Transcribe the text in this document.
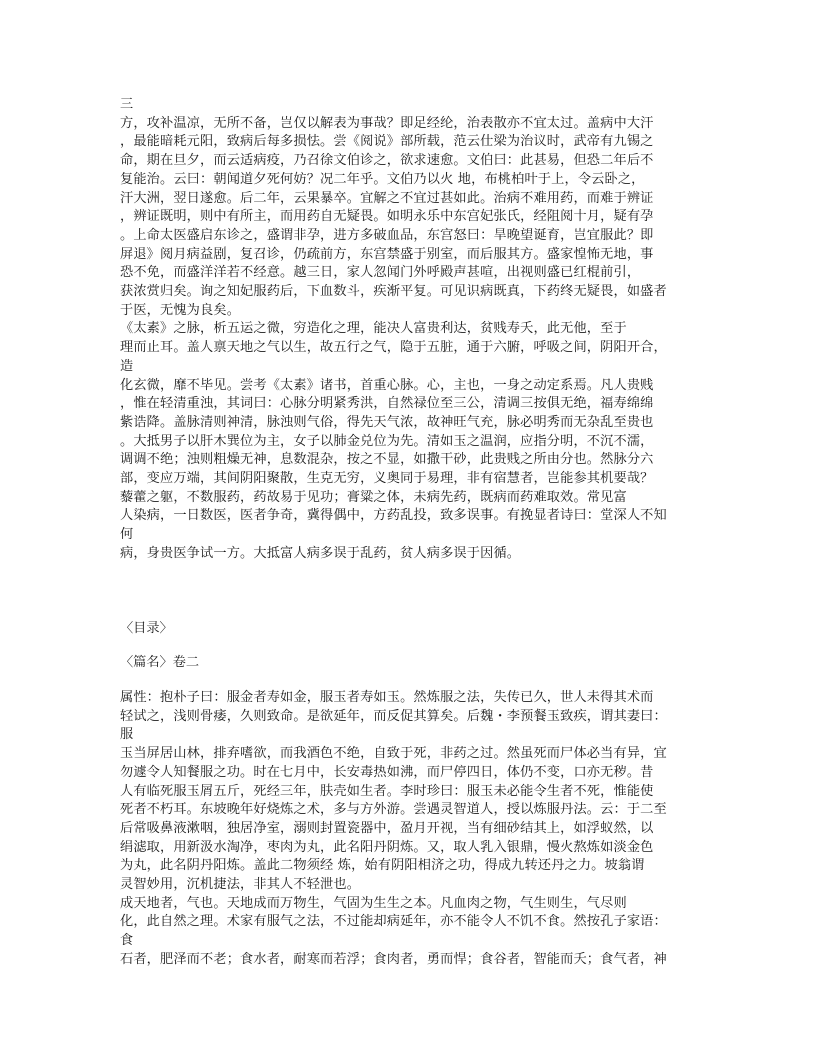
三
方，攻补温凉，无所不备，岂仅以解表为事哉？即足经纶，治表散亦不宜太过。盖病中大汗
，最能暗耗元阳，致病后每多损怯。尝《阅说》部所载，范云仕梁为治议时，武帝有九锡之
命，期在旦夕，而云适病疫，乃召徐文伯诊之，欲求速愈。文伯曰：此甚易，但恐二年后不
复能治。云曰：朝闻道夕死何妨？况二年乎。文伯乃以火 地，布桃柏叶于上，令云卧之，
汗大洲，翌日遂愈。后二年，云果暴卒。宜解之不宜过甚如此。治病不难用药，而难于辨证
，辨证既明，则中有所主，而用药自无疑畏。如明永乐中东宫妃张氏，经阻阅十月，疑有孕
。上命太医盛启东诊之，盛谓非孕，进方多破血品，东宫怒曰：旱晚望诞育，岂宜服此？即
屏退》阅月病益剧，复召诊，仍疏前方，东宫禁盛于别室，而后服其方。盛家惶怖无地，事
恐不免，而盛洋洋若不经意。越三日，家人忽闻门外呼殿声甚喧，出视则盛已红棍前引，
获浓赏归矣。询之知妃服药后，下血数斗，疾渐平复。可见识病既真，下药终无疑畏，如盛者
于医，无愧为良矣。
《太素》之脉，析五运之微，穷造化之理，能决人富贵利达，贫贱寿夭，此无他，至于
理而止耳。盖人禀天地之气以生，故五行之气，隐于五脏，通于六腑，呼吸之间，阴阳开合，
造
化玄微，靡不毕见。尝考《太素》诸书，首重心脉。心，主也，一身之动定系焉。凡人贵贱
，惟在轻清重浊，其词曰：心脉分明紧秀洪，自然禄位至三公，清调三按俱无绝，福寿绵绵
紫诰降。盖脉清则神清，脉浊则气俗，得先天气浓，故神旺气充，脉必明秀而无杂乱至贵也
。大抵男子以肝木巽位为主，女子以肺金兑位为先。清如玉之温润，应指分明，不沉不濡，
调调不绝；浊则粗燥无神，息数混杂，按之不显，如撒干砂，此贵贱之所由分也。然脉分六
部，变应万端，其间阴阳聚散，生克无穷，义奥同于易理，非有宿慧者，岂能参其机要哉？
藜藿之躯，不数服药，药故易于见功；膏粱之体，未病先药，既病而药难取效。常见富
人染病，一日数医，医者争奇，冀得偶中，方药乱投，致多误事。有挽显者诗曰：堂深人不知
何
病，身贵医争试一方。大抵富人病多误于乱药，贫人病多误于因循。
〈目录〉
〈篇名〉卷二
属性：抱朴子曰：服金者寿如金，服玉者寿如玉。然炼服之法，失传已久，世人未得其术而
轻试之，浅则骨痿，久则致命。是欲延年，而反促其算矣。后魏・李预餐玉致疾，谓其妻曰：
服
玉当屏居山林，排弃嗜欲，而我酒色不绝，自致于死，非药之过。然虽死而尸体必当有异，宜
勿遽令人知餐服之功。时在七月中，长安毒热如沸，而尸停四日，体仍不变，口亦无秽。昔
人有临死服玉屑五斤，死经三年，肤壳如生者。李时珍曰：服玉未必能令生者不死，惟能使
死者不朽耳。东坡晚年好烧炼之术，多与方外游。尝遇灵智道人，授以炼服丹法。云：于二至
后常吸鼻液漱咽，独居净室，溺则封置瓷器中，盈月开视，当有细砂结其上，如浮蚁然，以
绢滤取，用新汲水淘净，枣肉为丸，此名阳丹阴炼。又，取人乳入银鼎，慢火熬炼如淡金色
为丸，此名阴丹阳炼。盖此二物须经 炼，始有阴阳相济之功，得成九转还丹之力。坡翁谓
灵智妙用，沉机捷法，非其人不轻泄也。
成天地者，气也。天地成而万物生，气固为生生之本。凡血肉之物，气生则生，气尽则
化，此自然之理。术家有服气之法，不过能却病延年，亦不能令人不饥不食。然按孔子家语：
食
石者，肥泽而不老；食水者，耐寒而若浮；食肉者，勇而悍；食谷者，智能而夭；食气者，神
